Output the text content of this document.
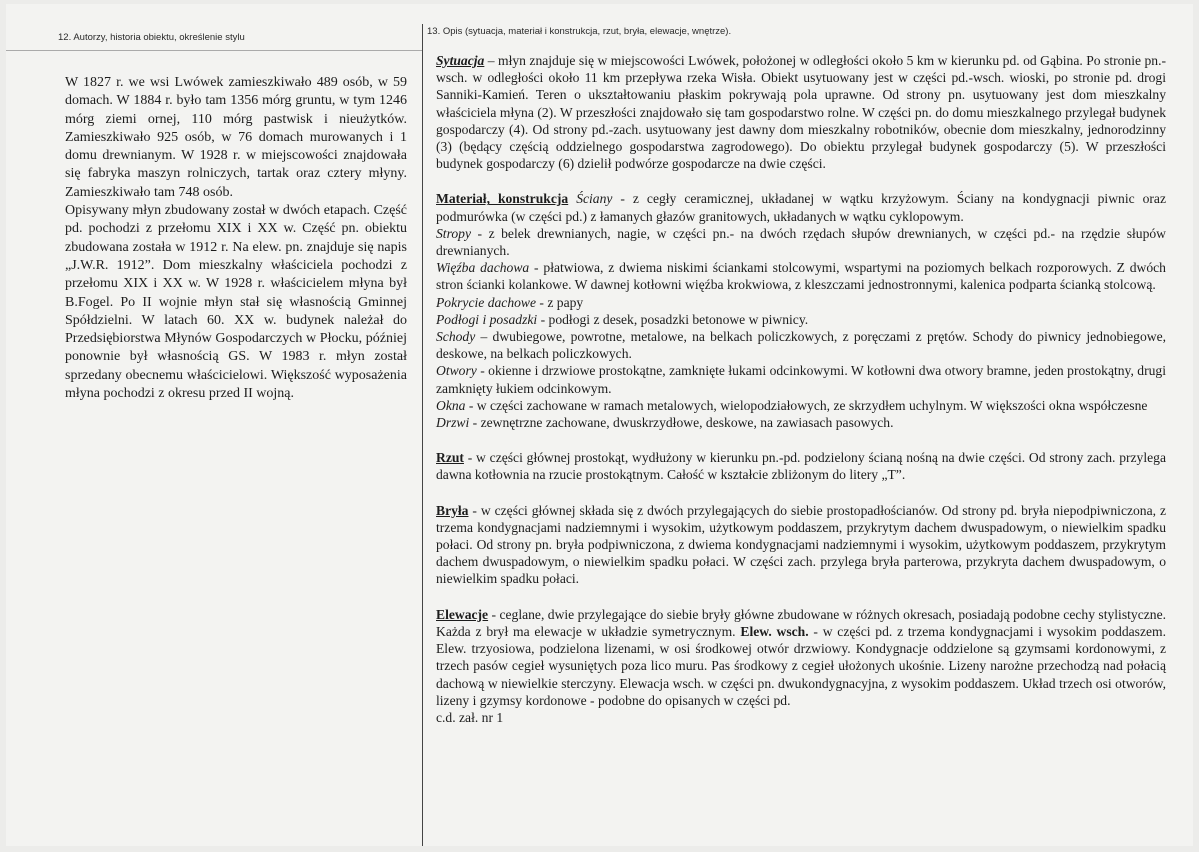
12. Autorzy, historia obiektu, określenie stylu
13. Opis (sytuacja, materiał i konstrukcja, rzut, bryła, elewacje, wnętrze).

W 1827 r. we wsi Lwówek zamieszkiwało 489 osób, w 59 domach. W 1884 r. było tam 1356 mórg gruntu, w tym 1246 mórg ziemi ornej, 110 mórg pastwisk i nieużytków. Zamieszkiwało 925 osób, w 76 domach murowanych i 1 domu drewnianym. W 1928 r. w miejscowości znajdowała się fabryka maszyn rolniczych, tartak oraz cztery młyny. Zamieszkiwało tam 748 osób.

Opisywany młyn zbudowany został w dwóch etapach. Część pd. pochodzi z przełomu XIX i XX w. Część pn. obiektu zbudowana została w 1912 r. Na elew. pn. znajduje się napis „J.W.R. 1912”. Dom mieszkalny właściciela pochodzi z przełomu XIX i XX w. W 1928 r. właścicielem młyna był B.Fogel. Po II wojnie młyn stał się własnością Gminnej Spółdzielni. W latach 60. XX w. budynek należał do Przedsiębiorstwa Młynów Gospodarczych w Płocku, później ponownie był własnością GS. W 1983 r. młyn został sprzedany obecnemu właścicielowi. Większość wyposażenia młyna pochodzi z okresu przed II wojną.

Sytuacja – młyn znajduje się w miejscowości Lwówek, położonej w odległości około 5 km w kierunku pd. od Gąbina. Po stronie pn.-wsch. w odległości około 11 km przepływa rzeka Wisła. Obiekt usytuowany jest w części pd.-wsch. wioski, po stronie pd. drogi Sanniki-Kamień. Teren o ukształtowaniu płaskim pokrywają pola uprawne. Od strony pn. usytuowany jest dom mieszkalny właściciela młyna (2). W przeszłości znajdowało się tam gospodarstwo rolne. W części pn. do domu mieszkalnego przylegał budynek gospodarczy (4). Od strony pd.-zach. usytuowany jest dawny dom mieszkalny robotników, obecnie dom mieszkalny, jednorodzinny (3) (będący częścią oddzielnego gospodarstwa zagrodowego). Do obiektu przylegał budynek gospodarczy (5). W przeszłości budynek gospodarczy (6) dzielił podwórze gospodarcze na dwie części.

Materiał, konstrukcja Ściany - z cegły ceramicznej, układanej w wątku krzyżowym. Ściany na kondygnacji piwnic oraz podmurówka (w części pd.) z łamanych głazów granitowych, układanych w wątku cyklopowym.

Stropy - z belek drewnianych, nagie, w części pn.- na dwóch rzędach słupów drewnianych, w części pd.- na rzędzie słupów drewnianych.

Więźba dachowa - płatwiowa, z dwiema niskimi ściankami stolcowymi, wspartymi na poziomych belkach rozporowych. Z dwóch stron ścianki kolankowe. W dawnej kotłowni więźba krokwiowa, z kleszczami jednostronnymi, kalenica podparta ścianką stolcową.

Pokrycie dachowe - z papy

Podłogi i posadzki - podłogi z desek, posadzki betonowe w piwnicy.

Schody – dwubiegowe, powrotne, metalowe, na belkach policzkowych, z poręczami z prętów. Schody do piwnicy jednobiegowe, deskowe, na belkach policzkowych.

Otwory - okienne i drzwiowe prostokątne, zamknięte łukami odcinkowymi. W kotłowni dwa otwory bramne, jeden prostokątny, drugi zamknięty łukiem odcinkowym.

Okna - w części zachowane w ramach metalowych, wielopodziałowych, ze skrzydłem uchylnym. W większości okna współczesne

Drzwi - zewnętrzne zachowane, dwuskrzydłowe, deskowe, na zawiasach pasowych.

Rzut - w części głównej prostokąt, wydłużony w kierunku pn.-pd. podzielony ścianą nośną na dwie części. Od strony zach. przylega dawna kotłownia na rzucie prostokątnym. Całość w kształcie zbliżonym do litery „T”.

Bryła - w części głównej składa się z dwóch przylegających do siebie prostopadłościanów. Od strony pd. bryła niepodpiwniczona, z trzema kondygnacjami nadziemnymi i wysokim, użytkowym poddaszem, przykrytym dachem dwuspadowym, o niewielkim spadku połaci. Od strony pn. bryła podpiwniczona, z dwiema kondygnacjami nadziemnymi i wysokim, użytkowym poddaszem, przykrytym dachem dwuspadowym, o niewielkim spadku połaci. W części zach. przylega bryła parterowa, przykryta dachem dwuspadowym, o niewielkim spadku połaci.

Elewacje - ceglane, dwie przylegające do siebie bryły główne zbudowane w różnych okresach, posiadają podobne cechy stylistyczne. Każda z brył ma elewacje w układzie symetrycznym. Elew. wsch. - w części pd. z trzema kondygnacjami i wysokim poddaszem. Elew. trzyosiowa, podzielona lizenami, w osi środkowej otwór drzwiowy. Kondygnacje oddzielone są gzymsami kordonowymi, z trzech pasów cegieł wysuniętych poza lico muru. Pas środkowy z cegieł ułożonych ukośnie. Lizeny narożne przechodzą nad połacią dachową w niewielkie sterczyny. Elewacja wsch. w części pn. dwukondygnacyjna, z wysokim poddaszem. Układ trzech osi otworów, lizeny i gzymsy kordonowe - podobne do opisanych w części pd.

c.d. zał. nr 1
